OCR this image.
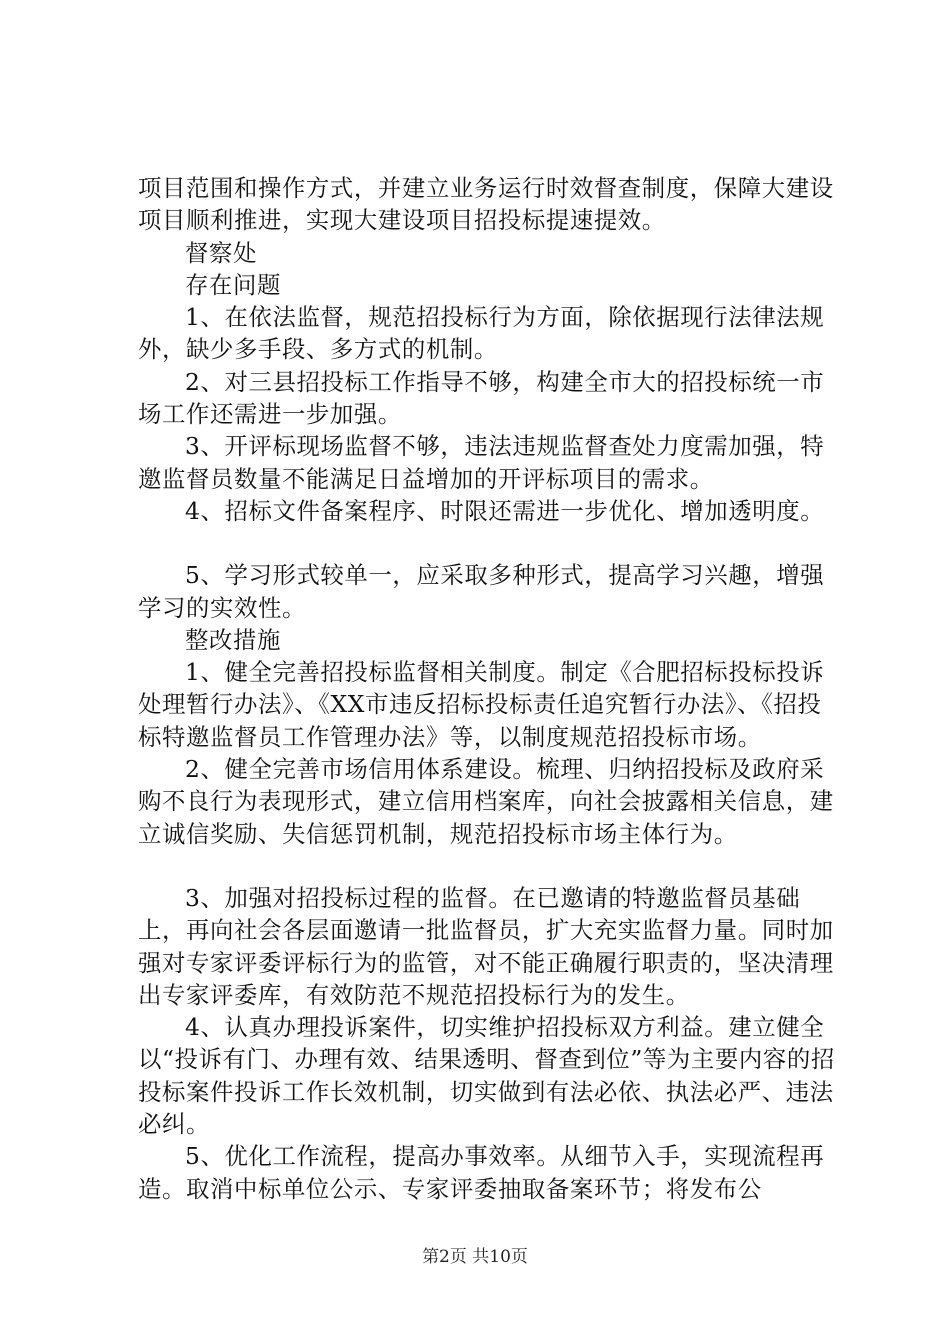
项目范围和操作方式，并建立业务运行时效督查制度，保障大建设项目顺利推进，实现大建设项目招投标提速提效。

督察处

存在问题

1、在依法监督，规范招投标行为方面，除依据现行法律法规外，缺少多手段、多方式的机制。

2、对三县招投标工作指导不够，构建全市大的招投标统一市场工作还需进一步加强。

3、开评标现场监督不够，违法违规监督查处力度需加强，特邀监督员数量不能满足日益增加的开评标项目的需求。

4、招标文件备案程序、时限还需进一步优化、增加透明度。

5、学习形式较单一，应采取多种形式，提高学习兴趣，增强学习的实效性。

整改措施

1、健全完善招投标监督相关制度。制定《合肥招标投标投诉处理暂行办法》、《XX市违反招标投标责任追究暂行办法》、《招投标特邀监督员工作管理办法》等，以制度规范招投标市场。

2、健全完善市场信用体系建设。梳理、归纳招投标及政府采购不良行为表现形式，建立信用档案库，向社会披露相关信息，建立诚信奖励、失信惩罚机制，规范招投标市场主体行为。

3、加强对招投标过程的监督。在已邀请的特邀监督员基础上，再向社会各层面邀请一批监督员，扩大充实监督力量。同时加强对专家评委评标行为的监管，对不能正确履行职责的，坚决清理出专家评委库，有效防范不规范招投标行为的发生。

4、认真办理投诉案件，切实维护招投标双方利益。建立健全以“投诉有门、办理有效、结果透明、督查到位”等为主要内容的招投标案件投诉工作长效机制，切实做到有法必依、执法必严、违法必纠。

5、优化工作流程，提高办事效率。从细节入手，实现流程再造。取消中标单位公示、专家评委抽取备案环节；将发布公

第2页 共10页
